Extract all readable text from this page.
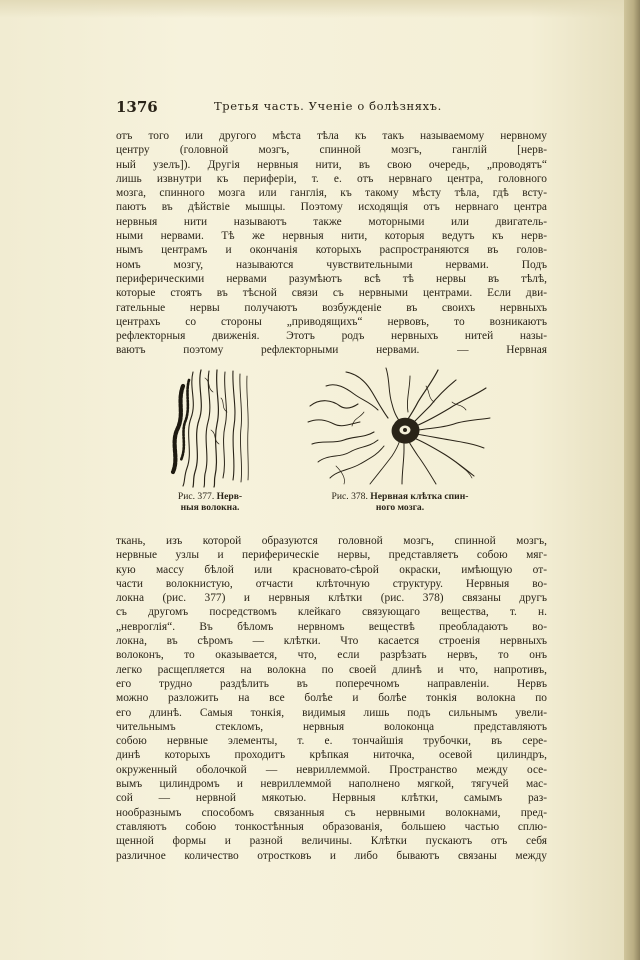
1376	Третья часть. Ученіе о болѣзняхъ.
отъ того или другого мѣста тѣла къ такъ называемому нервному
центру (головной мозгъ, спинной мозгъ, ганглій [нерв-
ный узелъ]). Другія нервныя нити, въ свою очередь, „проводятъ“
лишь извнутри къ периферіи, т. е. отъ нервнаго центра, головного
мозга, спинного мозга или ганглія, къ такому мѣсту тѣла, гдѣ всту-
паютъ въ дѣйствіе мышцы. Поэтому исходящія отъ нервнаго центра
нервныя нити называютъ также моторными или двигатель-
ными нервами. Тѣ же нервныя нити, которыя ведутъ къ нерв-
нымъ центрамъ и окончанія которыхъ распространяются въ голов-
номъ мозгу, называются чувствительными нервами. Подъ
периферическими нервами разумѣютъ всѣ тѣ нервы въ тѣлѣ,
которые стоятъ въ тѣсной связи съ нервными центрами. Если дви-
гательные нервы получаютъ возбужденіе въ своихъ нервныхъ
центрахъ со стороны „приводящихъ“ нервовъ, то возникаютъ
рефлекторныя движенія. Этотъ родъ нервныхъ нитей назы-
ваютъ поэтому рефлекторными нервами. — Нервная
Рис. 377. Нерв-
ныя волокна.
Рис. 378. Нервная клѣтка спин-
ного мозга.
ткань, изъ которой образуются головной мозгъ, спинной мозгъ,
нервные узлы и периферическіе нервы, представляетъ собою мяг-
кую массу бѣлой или красновато-сѣрой окраски, имѣющую от-
части волокнистую, отчасти клѣточную структуру. Нервныя во-
локна (рис. 377) и нервныя клѣтки (рис. 378) связаны другъ
съ другомъ посредствомъ клейкаго связующаго вещества, т. н.
„невроглія“. Въ бѣломъ нервномъ веществѣ преобладаютъ во-
локна, въ сѣромъ — клѣтки. Что касается строенія нервныхъ
волоконъ, то оказывается, что, если разрѣзать нервъ, то онъ
легко расщепляется на волокна по своей длинѣ и что, напротивъ,
его трудно раздѣлить въ поперечномъ направленіи. Нервъ
можно разложить на все болѣе и болѣе тонкія волокна по
его длинѣ. Самыя тонкія, видимыя лишь подъ сильнымъ увели-
чительнымъ стекломъ, нервныя волоконца представляютъ
собою нервные элементы, т. е. тончайшія трубочки, въ серe-
динѣ которыхъ проходитъ крѣпкая ниточка, осевой цилиндръ,
окруженный оболочкой — невриллеммой. Пространство между осе-
вымъ цилиндромъ и невриллеммой наполнено мягкой, тягучей мас-
сой — нервной мякотью. Нервныя клѣтки, самымъ раз-
нообразнымъ способомъ связанныя съ нервными волокнами, пред-
ставляютъ собою тонкостѣнныя образованія, большею частью сплю-
щенной формы и разной величины. Клѣтки пускаютъ отъ себя
различное количество отростковъ и либо бываютъ связаны между
